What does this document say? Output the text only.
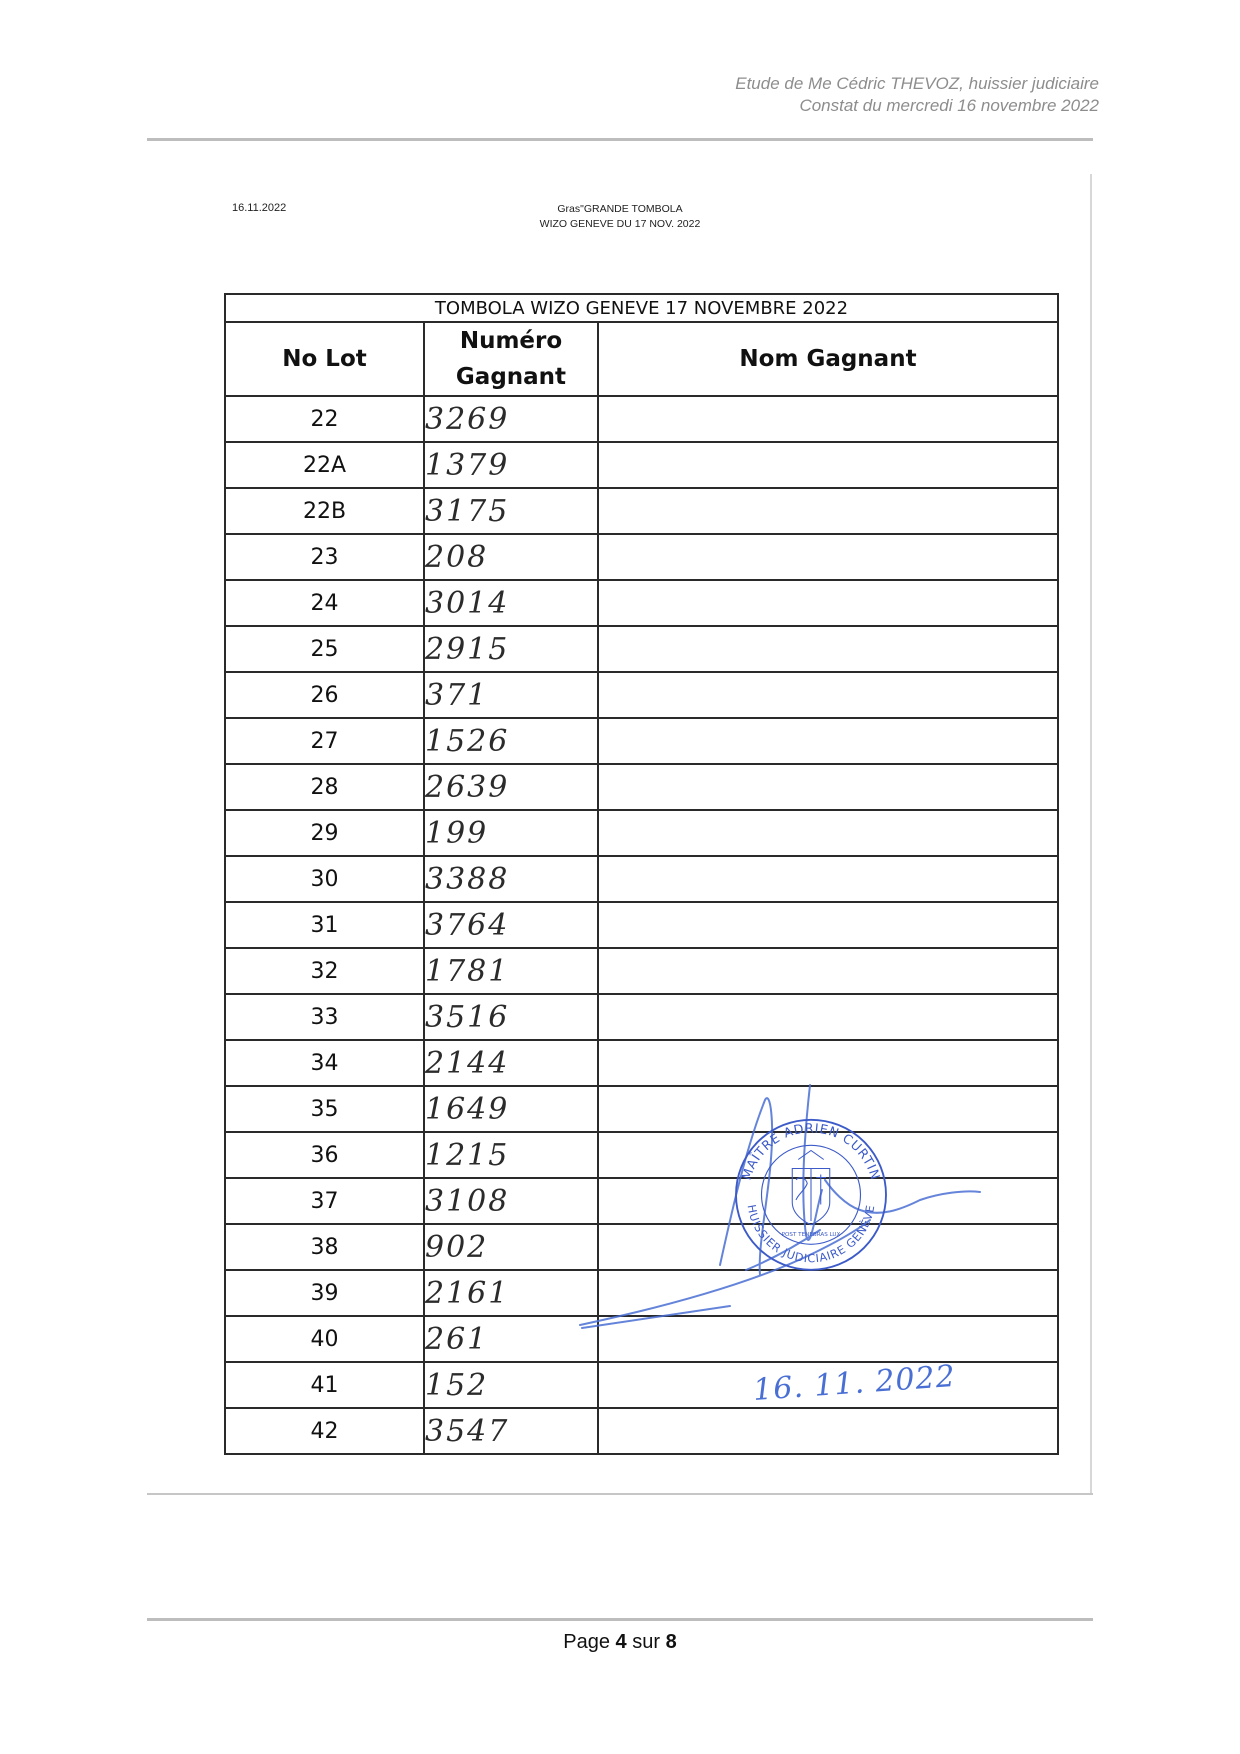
Etude de Me Cédric THEVOZ, huissier judiciaire
Constat du mercredi 16 novembre 2022
16.11.2022	Gras"GRANDE TOMBOLA
WIZO GENEVE DU 17 NOV. 2022
TOMBOLA WIZO GENEVE 17 NOVEMBRE 2022		
No Lot	Numéro Gagnant	Nom Gagnant
22	3269	
22A	1379	
22B	3175	
23	208	
24	3014	
25	2915	
26	371	
27	1526	
28	2639	
29	199	
30	3388	
31	3764	
32	1781	
33	3516	
34	2144	
35	1649	
36	1215	
37	3108	
38	902	
39	2161	
40	261	
41	152	
42	3547	
MAÎTRE ADRIEN CURTIN
HUISSIER JUDICIAIRE GENÈVE
POST TENEBRAS LUX
16. 11. 2022
Page 4 sur 8
